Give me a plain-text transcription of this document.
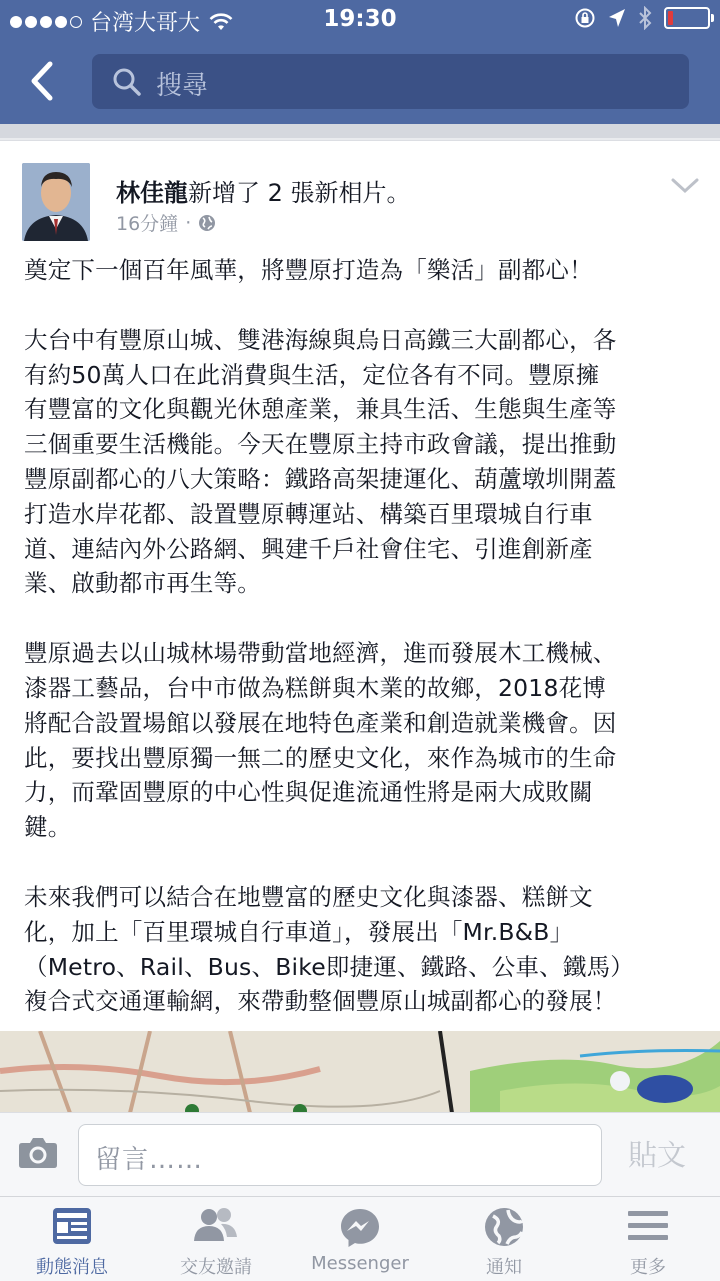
台湾大哥大	19:30
搜尋
林佳龍新增了 2 張新相片。
16分鐘 ·

奠定下一個百年風華，將豐原打造為「樂活」副都心！

大台中有豐原山城、雙港海線與烏日高鐵三大副都心，各
有約50萬人口在此消費與生活，定位各有不同。豐原擁
有豐富的文化與觀光休憩產業，兼具生活、生態與生產等
三個重要生活機能。今天在豐原主持市政會議，提出推動
豐原副都心的八大策略：鐵路高架捷運化、葫蘆墩圳開蓋
打造水岸花都、設置豐原轉運站、構築百里環城自行車
道、連結內外公路網、興建千戶社會住宅、引進創新產
業、啟動都市再生等。

豐原過去以山城林場帶動當地經濟，進而發展木工機械、
漆器工藝品，台中市做為糕餅與木業的故鄉，2018花博
將配合設置場館以發展在地特色產業和創造就業機會。因
此，要找出豐原獨一無二的歷史文化，來作為城市的生命
力，而鞏固豐原的中心性與促進流通性將是兩大成敗關
鍵。

未來我們可以結合在地豐富的歷史文化與漆器、糕餅文
化，加上「百里環城自行車道」，發展出「Mr.B&B」
（Metro、Rail、Bus、Bike即捷運、鐵路、公車、鐵馬）
複合式交通運輸網，來帶動整個豐原山城副都心的發展！

留言……	貼文
動態消息	交友邀請	Messenger	通知	更多
